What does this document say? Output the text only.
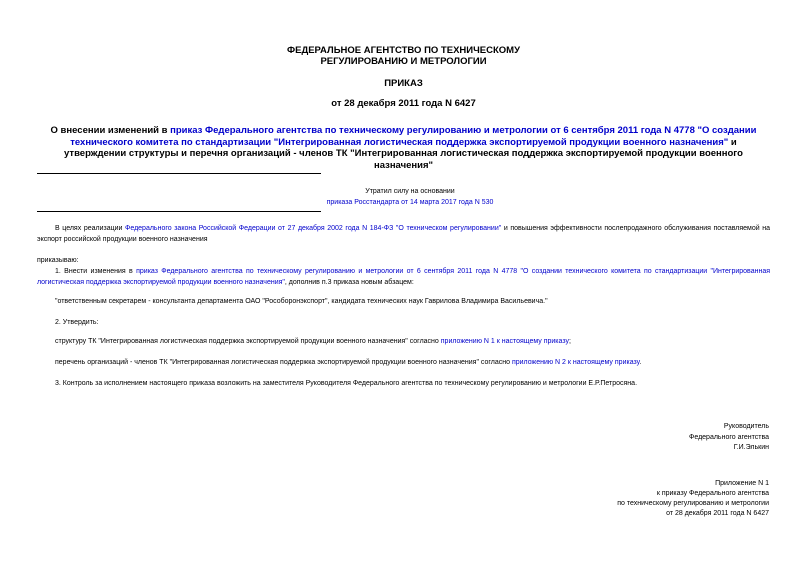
ФЕДЕРАЛЬНОЕ АГЕНТСТВО ПО ТЕХНИЧЕСКОМУ
РЕГУЛИРОВАНИЮ И МЕТРОЛОГИИ
ПРИКАЗ
от 28 декабря 2011 года N 6427
О внесении изменений в приказ Федерального агентства по техническому регулированию и метрологии от 6 сентября 2011 года N 4778 "О создании технического комитета по стандартизации "Интегрированная логистическая поддержка экспортируемой продукции военного назначения" и утверждении структуры и перечня организаций - членов ТК "Интегрированная логистическая поддержка экспортируемой продукции военного назначения"
Утратил силу на основании
приказа Росстандарта от 14 марта 2017 года N 530
В целях реализации Федерального закона Российской Федерации от 27 декабря 2002 года N 184-ФЗ "О техническом регулировании" и повышения эффективности послепродажного обслуживания поставляемой на экспорт российской продукции военного назначения
приказываю:
1. Внести изменения в приказ Федерального агентства по техническому регулированию и метрологии от 6 сентября 2011 года N 4778 "О создании технического комитета по стандартизации "Интегрированная логистическая поддержка экспортируемой продукции военного назначения", дополнив п.3 приказа новым абзацем:
"ответственным секретарем - консультанта департамента ОАО "Рособоронэкспорт", кандидата технических наук Гаврилова Владимира Васильевича."
2. Утвердить:
структуру ТК "Интегрированная логистическая поддержка экспортируемой продукции военного назначения" согласно приложению N 1 к настоящему приказу;
перечень организаций - членов ТК "Интегрированная логистическая поддержка экспортируемой продукции военного назначения" согласно приложению N 2 к настоящему приказу.
3. Контроль за исполнением настоящего приказа возложить на заместителя Руководителя Федерального агентства по техническому регулированию и метрологии Е.Р.Петросяна.
Руководитель
Федерального агентства
Г.И.Элькин
Приложение N 1
к приказу Федерального агентства
по техническому регулированию и метрологии
от 28 декабря 2011 года N 6427
